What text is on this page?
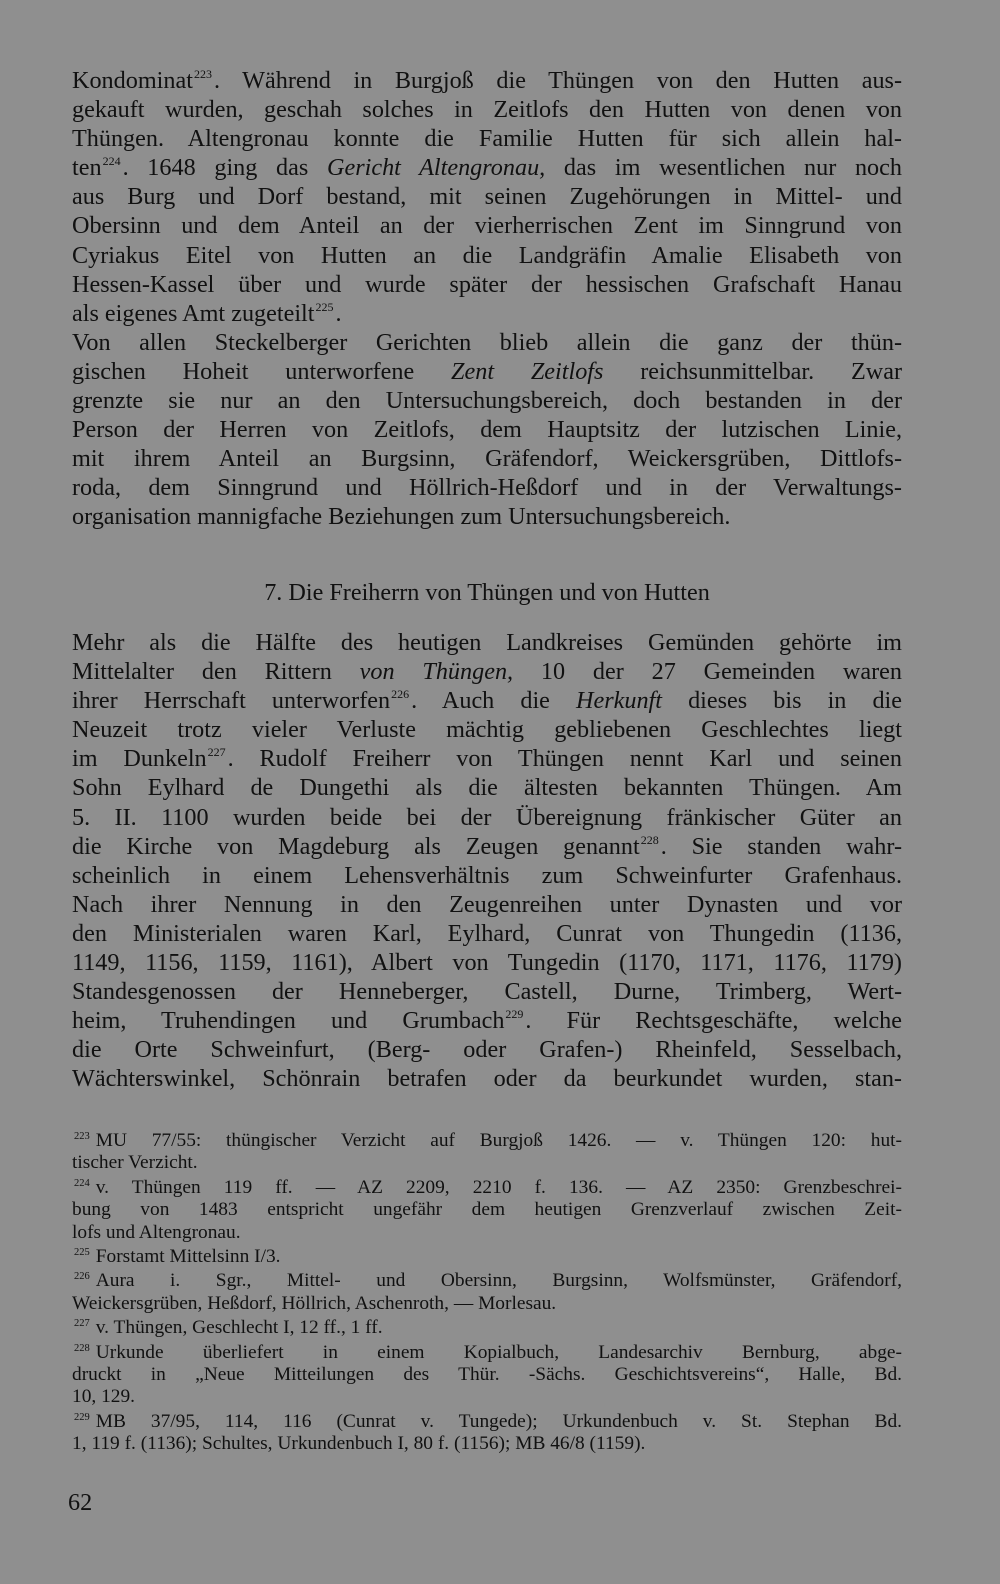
Kondominat$^{223}$. Während in Burgjoß die Thüngen von den Hutten aus-
gekauft wurden, geschah solches in Zeitlofs den Hutten von denen von
Thüngen. Altengronau konnte die Familie Hutten für sich allein hal-
ten$^{224}$. 1648 ging das Gericht Altengronau, das im wesentlichen nur noch
aus Burg und Dorf bestand, mit seinen Zugehörungen in Mittel- und
Obersinn und dem Anteil an der vierherrischen Zent im Sinngrund von
Cyriakus Eitel von Hutten an die Landgräfin Amalie Elisabeth von
Hessen-Kassel über und wurde später der hessischen Grafschaft Hanau
als eigenes Amt zugeteilt$^{225}$.
Von allen Steckelberger Gerichten blieb allein die ganz der thün-
gischen Hoheit unterworfene Zent Zeitlofs reichsunmittelbar. Zwar
grenzte sie nur an den Untersuchungsbereich, doch bestanden in der
Person der Herren von Zeitlofs, dem Hauptsitz der lutzischen Linie,
mit ihrem Anteil an Burgsinn, Gräfendorf, Weickersgrüben, Dittlofs-
roda, dem Sinngrund und Höllrich-Heßdorf und in der Verwaltungs-
organisation mannigfache Beziehungen zum Untersuchungsbereich.
7. Die Freiherrn von Thüngen und von Hutten
Mehr als die Hälfte des heutigen Landkreises Gemünden gehörte im
Mittelalter den Rittern von Thüngen, 10 der 27 Gemeinden waren
ihrer Herrschaft unterworfen$^{226}$. Auch die Herkunft dieses bis in die
Neuzeit trotz vieler Verluste mächtig gebliebenen Geschlechtes liegt
im Dunkeln$^{227}$. Rudolf Freiherr von Thüngen nennt Karl und seinen
Sohn Eylhard de Dungethi als die ältesten bekannten Thüngen. Am
5. II. 1100 wurden beide bei der Übereignung fränkischer Güter an
die Kirche von Magdeburg als Zeugen genannt$^{228}$. Sie standen wahr-
scheinlich in einem Lehensverhältnis zum Schweinfurter Grafenhaus.
Nach ihrer Nennung in den Zeugenreihen unter Dynasten und vor
den Ministerialen waren Karl, Eylhard, Cunrat von Thungedin (1136,
1149, 1156, 1159, 1161), Albert von Tungedin (1170, 1171, 1176, 1179)
Standesgenossen der Henneberger, Castell, Durne, Trimberg, Wert-
heim, Truhendingen und Grumbach$^{229}$. Für Rechtsgeschäfte, welche
die Orte Schweinfurt, (Berg- oder Grafen-) Rheinfeld, Sesselbach,
Wächterswinkel, Schönrain betrafen oder da beurkundet wurden, stan-
$^{223}$ MU 77/55: thüngischer Verzicht auf Burgjoß 1426. — v. Thüngen 120: hut-
tischer Verzicht.
$^{224}$ v. Thüngen 119 ff. — AZ 2209, 2210 f. 136. — AZ 2350: Grenzbeschrei-
bung von 1483 entspricht ungefähr dem heutigen Grenzverlauf zwischen Zeit-
lofs und Altengronau.
$^{225}$ Forstamt Mittelsinn I/3.
$^{226}$ Aura i. Sgr., Mittel- und Obersinn, Burgsinn, Wolfsmünster, Gräfendorf,
Weickersgrüben, Heßdorf, Höllrich, Aschenroth, — Morlesau.
$^{227}$ v. Thüngen, Geschlecht I, 12 ff., 1 ff.
$^{228}$ Urkunde überliefert in einem Kopialbuch, Landesarchiv Bernburg, abge-
druckt in „Neue Mitteilungen des Thür. -Sächs. Geschichtsvereins“, Halle, Bd.
10, 129.
$^{229}$ MB 37/95, 114, 116 (Cunrat v. Tungede); Urkundenbuch v. St. Stephan Bd.
1, 119 f. (1136); Schultes, Urkundenbuch I, 80 f. (1156); MB 46/8 (1159).
62
